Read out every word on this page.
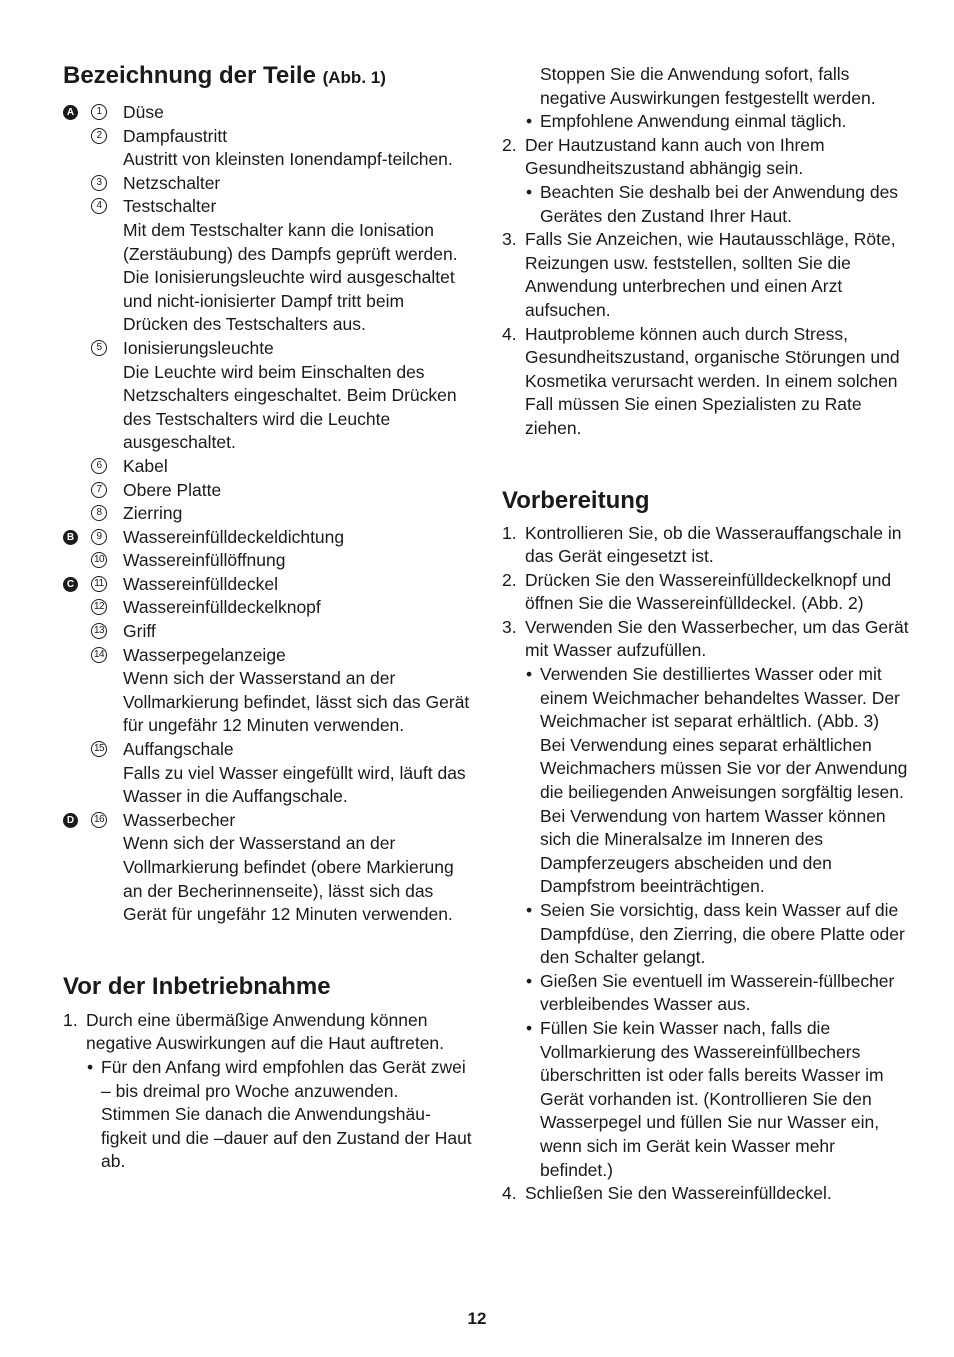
Bezeichnung der Teile (Abb. 1)
A	1	Düse
2	Dampfaustritt
Austritt von kleinsten Ionendampf-teilchen.
3	Netzschalter
4	Testschalter
Mit dem Testschalter kann die Ionisation (Zerstäubung) des Dampfs geprüft werden. Die Ionisierungsleuchte wird ausgeschaltet und nicht-ionisierter Dampf tritt beim Drücken des Testschalters aus.
5	Ionisierungsleuchte
Die Leuchte wird beim Einschalten des Netzschalters eingeschaltet. Beim Drücken des Testschalters wird die Leuchte ausgeschaltet.
6	Kabel
7	Obere Platte
8	Zierring
B	9	Wassereinfülldeckeldichtung
10 Wassereinfüllöffnung
C	11 Wassereinfülldeckel
12 Wassereinfülldeckelknopf
13 Griff
14 Wasserpegelanzeige
Wenn sich der Wasserstand an der Vollmarkierung befindet, lässt sich das Gerät für ungefähr 12 Minuten verwenden.
15 Auffangschale
Falls zu viel Wasser eingefüllt wird, läuft das Wasser in die Auffangschale.
D	16 Wasserbecher
Wenn sich der Wasserstand an der Vollmarkierung befindet (obere Markierung an der Becherinnenseite), lässt sich das Gerät für ungefähr 12 Minuten verwenden.
Vor der Inbetriebnahme
1. Durch eine übermäßige Anwendung können negative Auswirkungen auf die Haut auftreten.
• Für den Anfang wird empfohlen das Gerät zwei – bis dreimal pro Woche anzuwenden.
Stimmen Sie danach die Anwendungshäu-figkeit und die –dauer auf den Zustand der Haut ab.
Stoppen Sie die Anwendung sofort, falls negative Auswirkungen festgestellt werden.
• Empfohlene Anwendung einmal täglich.
2. Der Hautzustand kann auch von Ihrem Gesundheitszustand abhängig sein.
• Beachten Sie deshalb bei der Anwendung des Gerätes den Zustand Ihrer Haut.
3. Falls Sie Anzeichen, wie Hautausschläge, Röte, Reizungen usw. feststellen, sollten Sie die Anwendung unterbrechen und einen Arzt aufsuchen.
4. Hautprobleme können auch durch Stress, Gesundheitszustand, organische Störungen und Kosmetika verursacht werden. In einem solchen Fall müssen Sie einen Spezialisten zu Rate ziehen.
Vorbereitung
1. Kontrollieren Sie, ob die Wasserauffangschale in das Gerät eingesetzt ist.
2. Drücken Sie den Wassereinfülldeckelknopf und öffnen Sie die Wassereinfülldeckel. (Abb. 2)
3. Verwenden Sie den Wasserbecher, um das Gerät mit Wasser aufzufüllen.
• Verwenden Sie destilliertes Wasser oder mit einem Weichmacher behandeltes Wasser. Der Weichmacher ist separat erhältlich. (Abb. 3)
Bei Verwendung eines separat erhältlichen Weichmachers müssen Sie vor der Anwendung die beiliegenden Anweisungen sorgfältig lesen.
Bei Verwendung von hartem Wasser können sich die Mineralsalze im Inneren des Dampferzeugers abscheiden und den Dampfstrom beeinträchtigen.
• Seien Sie vorsichtig, dass kein Wasser auf die Dampfdüse, den Zierring, die obere Platte oder den Schalter gelangt.
• Gießen Sie eventuell im Wasserein-füllbecher verbleibendes Wasser aus.
• Füllen Sie kein Wasser nach, falls die Vollmarkierung des Wassereinfüllbechers überschritten ist oder falls bereits Wasser im Gerät vorhanden ist. (Kontrollieren Sie den Wasserpegel und füllen Sie nur Wasser ein, wenn sich im Gerät kein Wasser mehr befindet.)
4. Schließen Sie den Wassereinfülldeckel.
12
